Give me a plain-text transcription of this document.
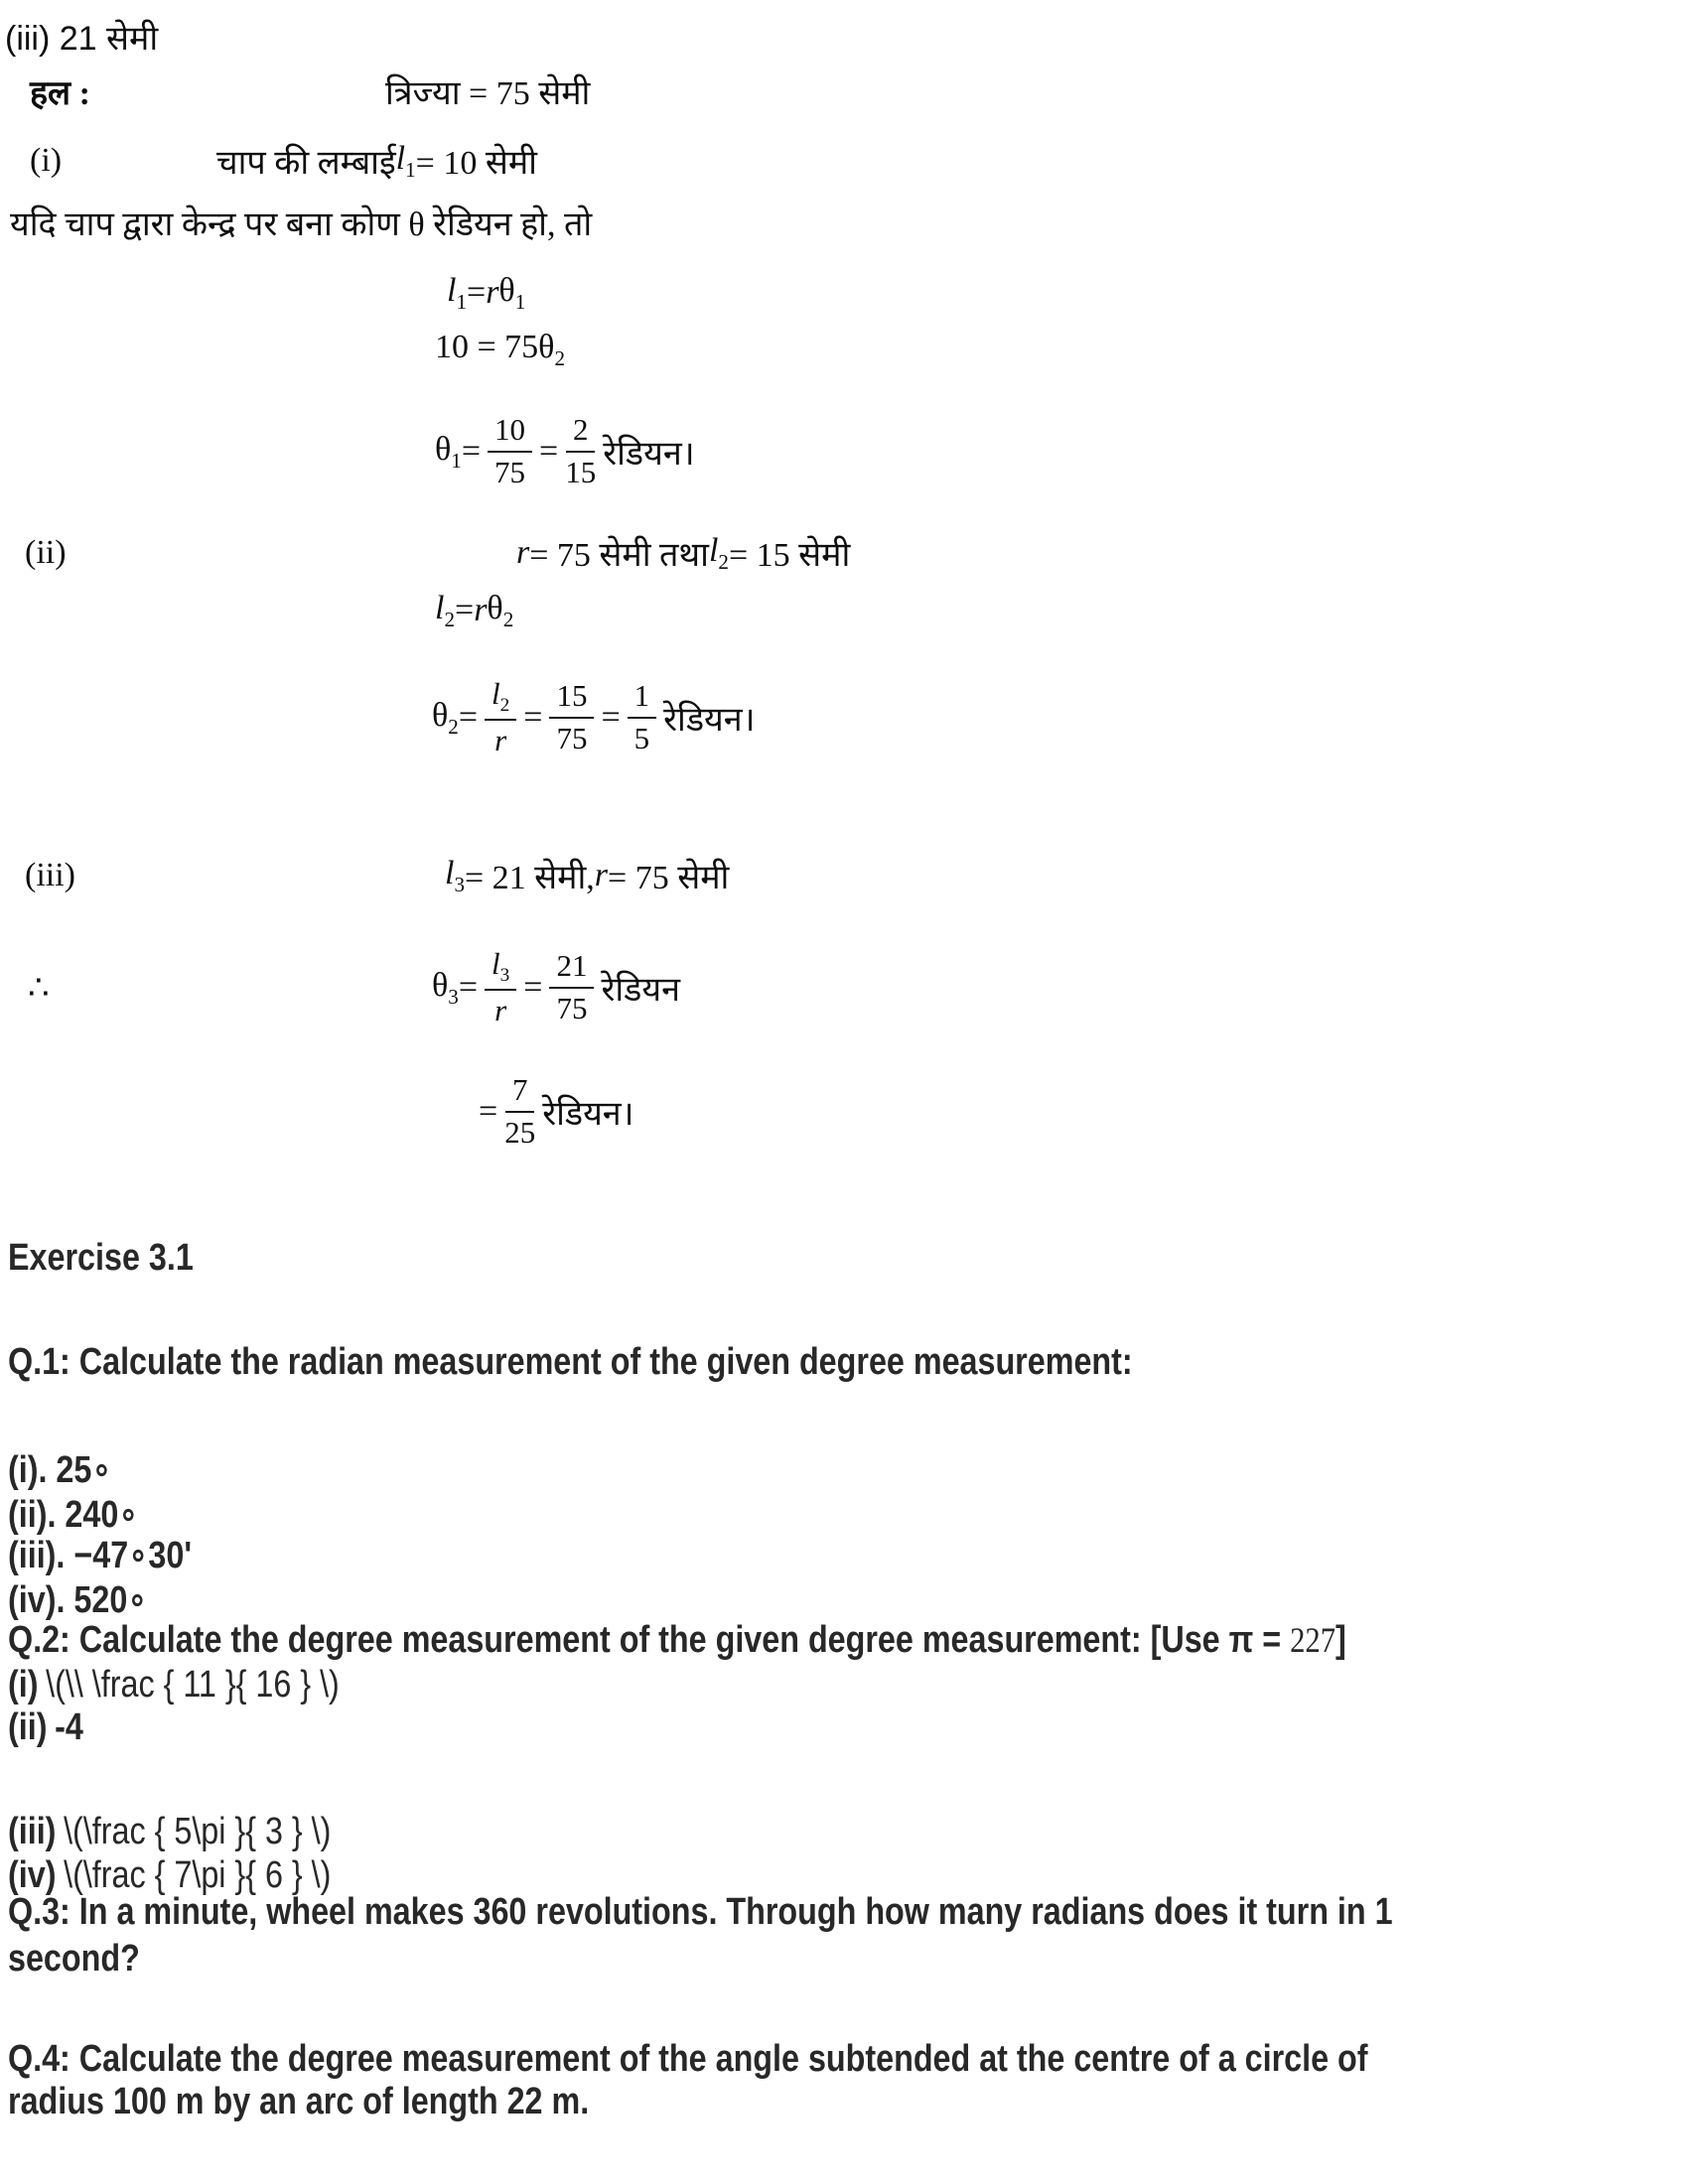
(iii) 21 सेमी
हल :	त्रिज्या = 75 सेमी
(i)	चाप की लम्बाई $l_1 = 10$ सेमी
यदि चाप द्वारा केन्द्र पर बना कोण θ रेडियन हो, तो
$l_1 = r$ $\theta_1$
$10 = 75\theta_2$
$\theta_1 = \frac{10}{75} = \frac{2}{15}$ रेडियन।
(ii)	r = 75 सेमी तथा $l_2 = 15$ सेमी
$l_2 = r$ $\theta_2$
$\theta_2 = \frac{l_2}{r} = \frac{15}{75} = \frac{1}{5}$ रेडियन।
(iii)	$l_3 = 21$ सेमी, r = 75 सेमी
∴	$\theta_3 = \frac{l_3}{r} = \frac{21}{75}$ रेडियन
= $\frac{7}{25}$ रेडियन।
Exercise 3.1
Q.1: Calculate the radian measurement of the given degree measurement:
(i). 25∘
(ii). 240∘
(iii). −47∘30'
(iv). 520∘
Q.2: Calculate the degree measurement of the given degree measurement: [Use π = 227]
(i) \(\\ \frac { 11 }{ 16 } \)
(ii) -4
(iii) \(\frac { 5\pi }{ 3 } \)
(iv) \(\frac { 7\pi }{ 6 } \)
Q.3: In a minute, wheel makes 360 revolutions. Through how many radians does it turn in 1
second?
Q.4: Calculate the degree measurement of the angle subtended at the centre of a circle of
radius 100 m by an arc of length 22 m.
